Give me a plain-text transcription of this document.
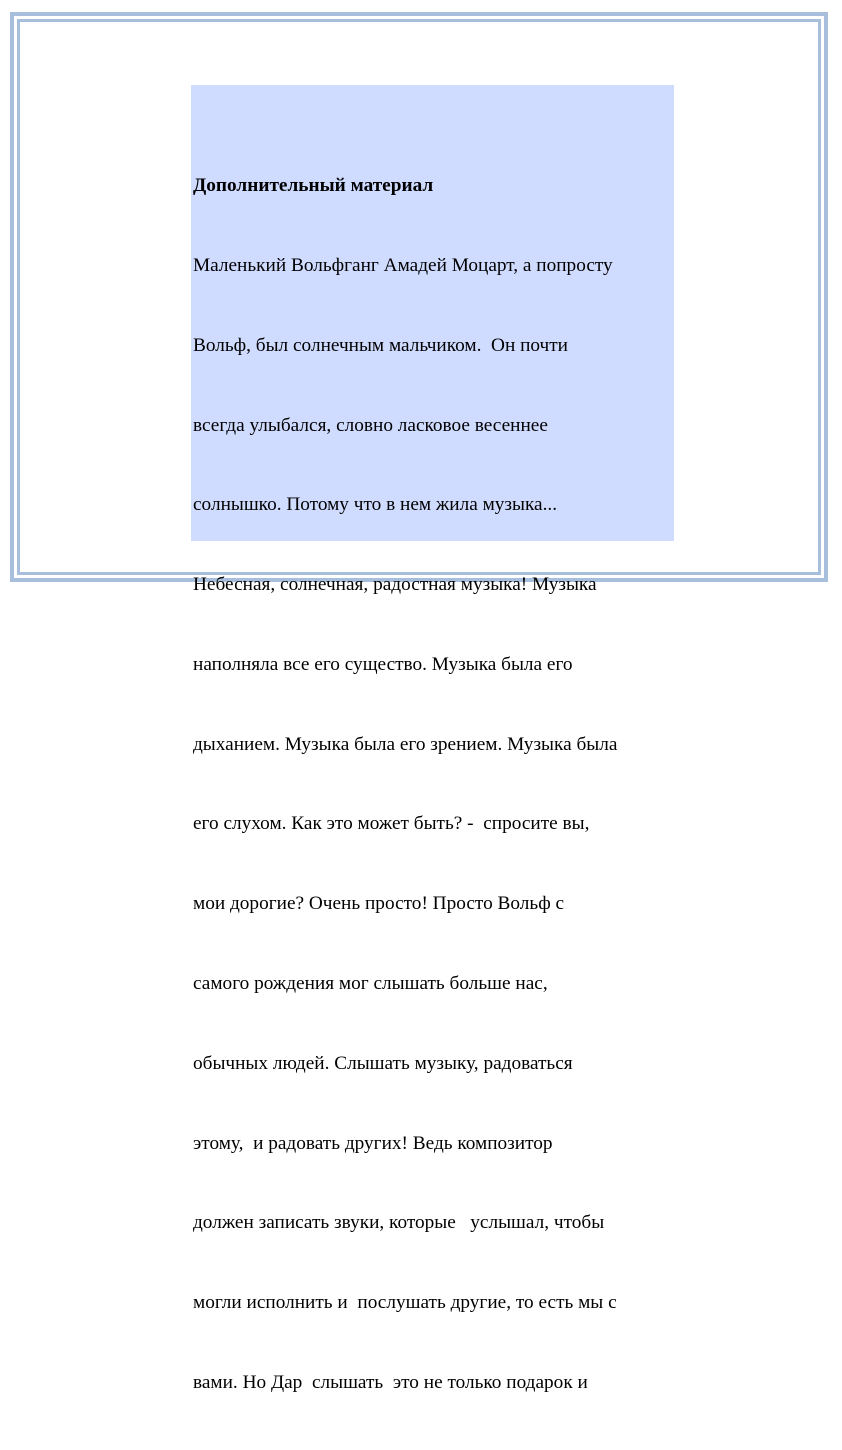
Дополнительный материал

Маленький Вольфганг Амадей Моцарт, а попросту

Вольф, был солнечным мальчиком.  Он почти

всегда улыбался, словно ласковое весеннее

солнышко. Потому что в нем жила музыка...

Небесная, солнечная, радостная музыка! Музыка

наполняла все его существо. Музыка была его

дыханием. Музыка была его зрением. Музыка была

его слухом. Как это может быть? -  спросите вы,

мои дорогие? Очень просто! Просто Вольф с

самого рождения мог слышать больше нас,

обычных людей. Слышать музыку, радоваться

этому,  и радовать других! Ведь композитор

должен записать звуки, которые   услышал, чтобы

могли исполнить и  послушать другие, то есть мы с

вами. Но Дар  слышать  это не только подарок и
